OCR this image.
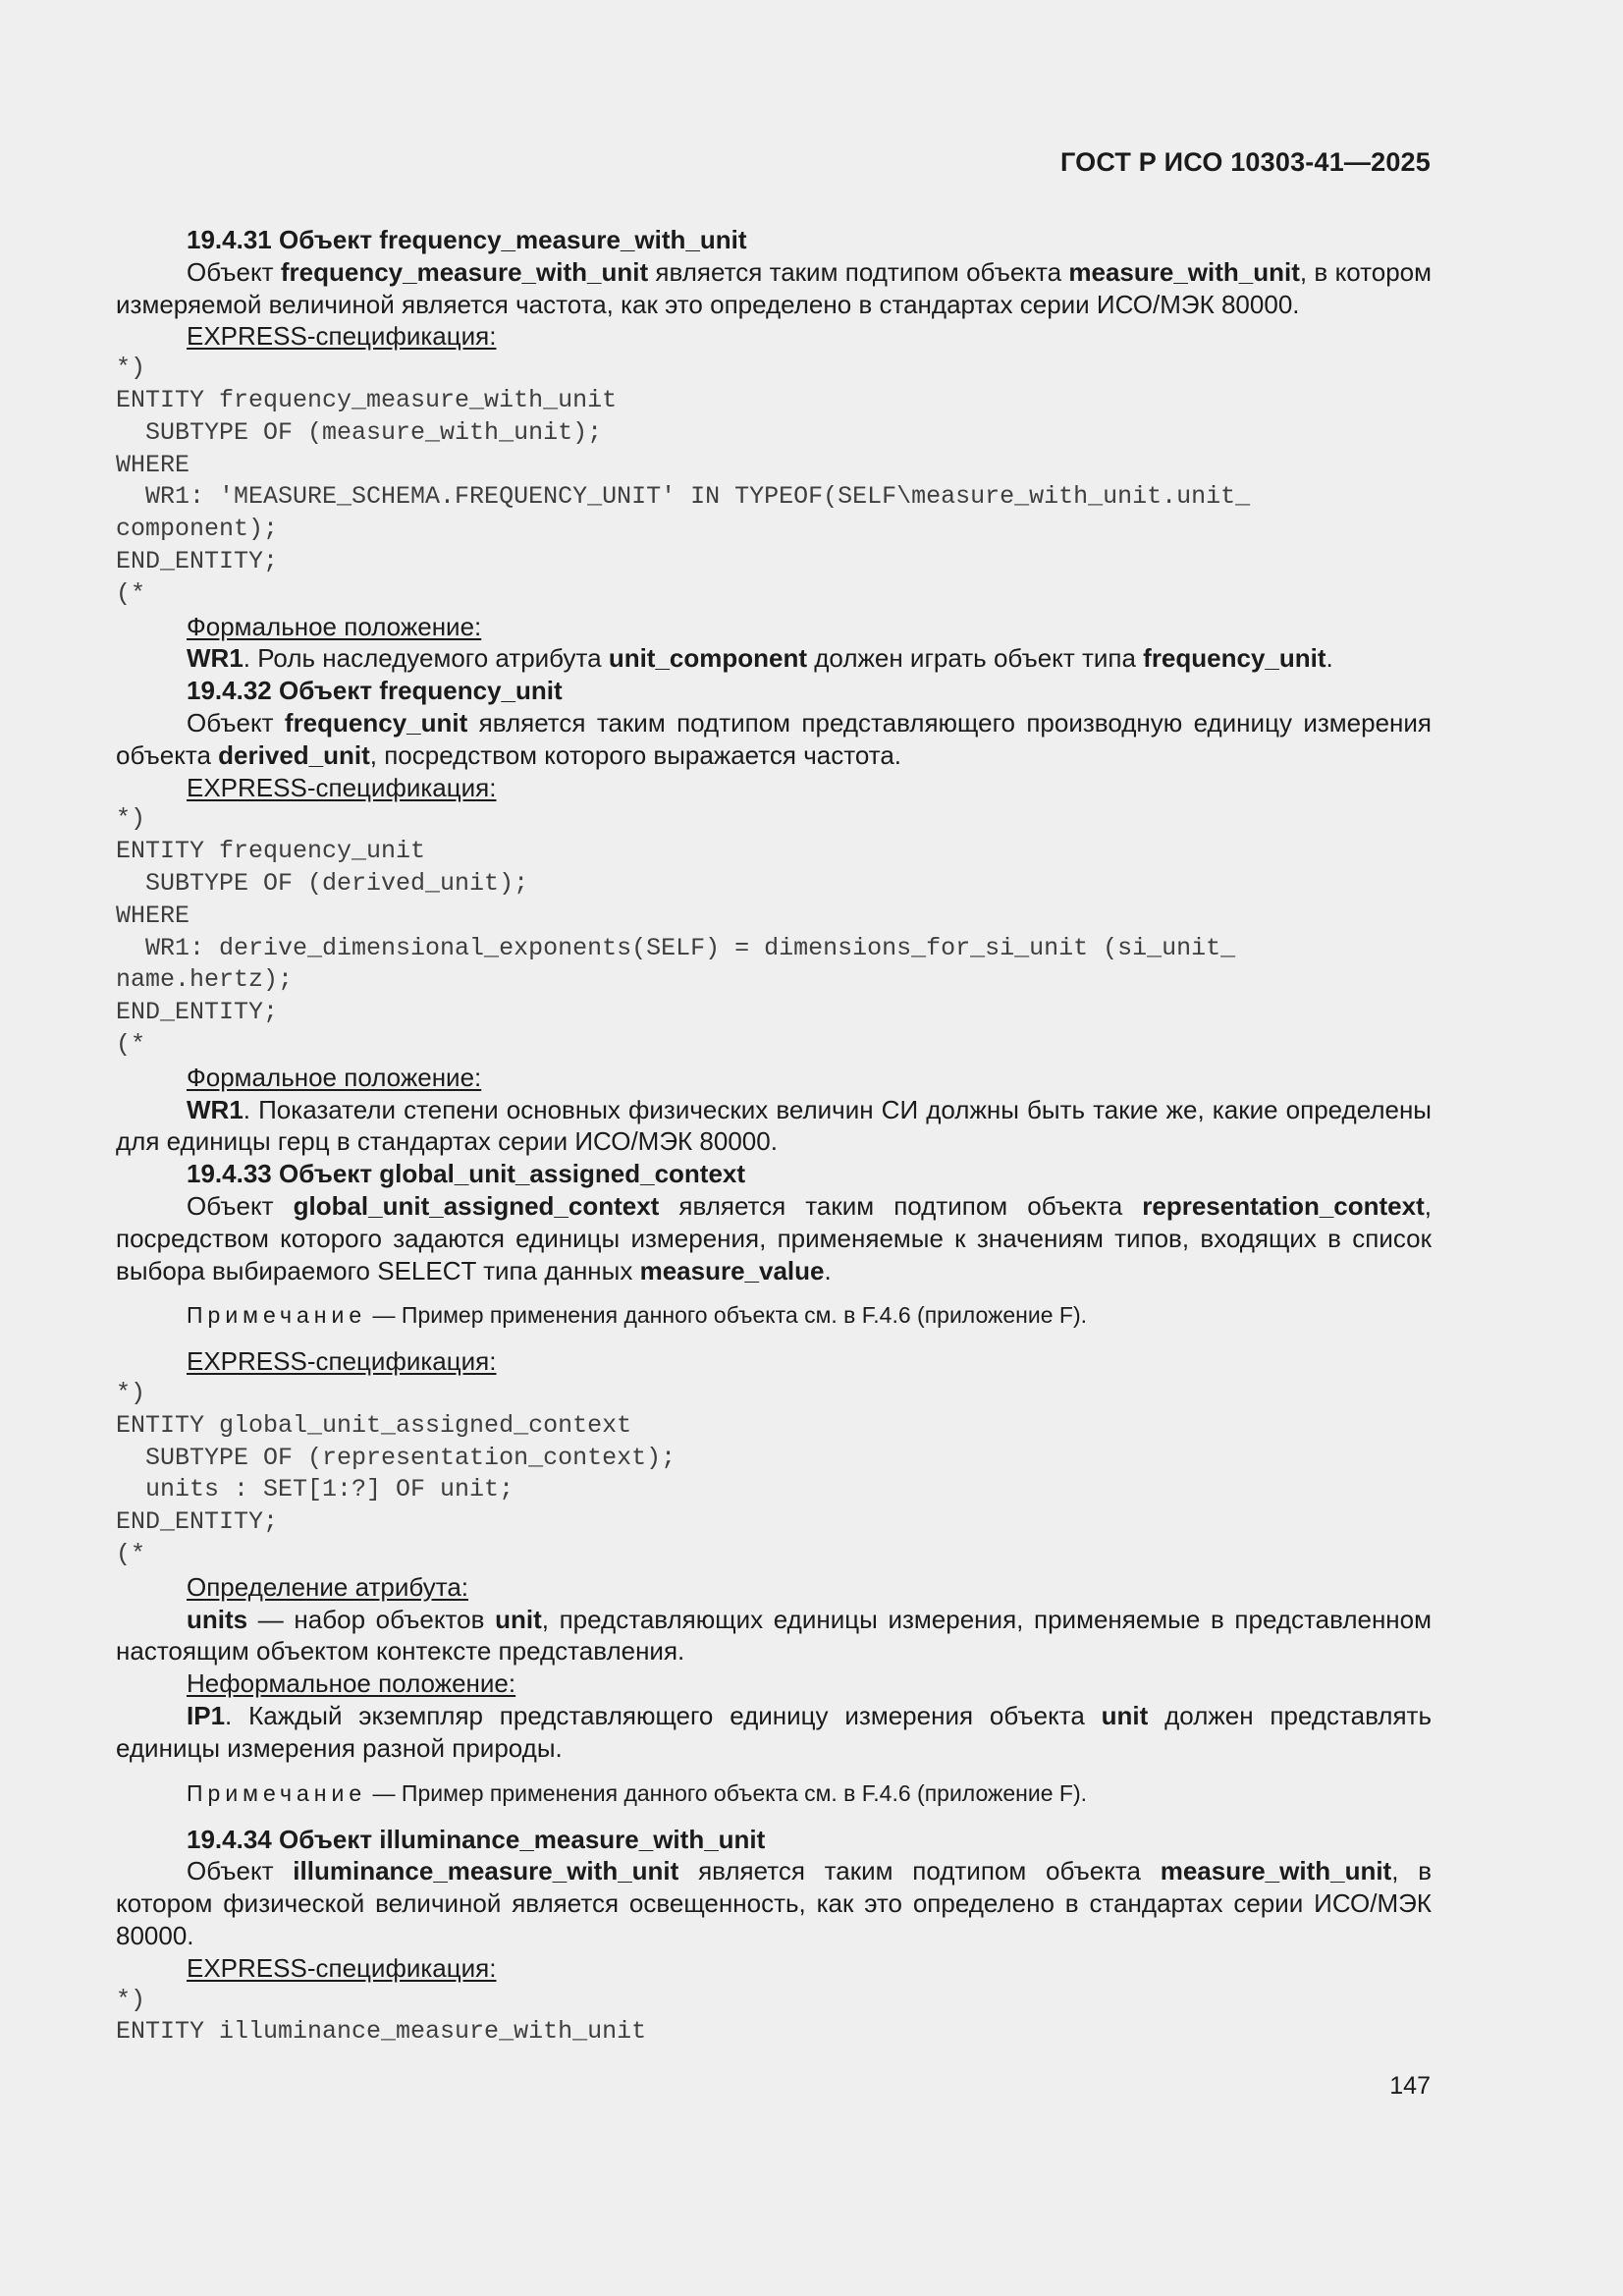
ГОСТ Р ИСО 10303-41—2025

19.4.31 Объект frequency_measure_with_unit

Объект frequency_measure_with_unit является таким подтипом объекта measure_with_unit, в котором измеряемой величиной является частота, как это определено в стандартах серии ИСО/МЭК 80000.

EXPRESS-спецификация:

*)
ENTITY frequency_measure_with_unit
SUBTYPE OF (measure_with_unit);
WHERE
WR1: 'MEASURE_SCHEMA.FREQUENCY_UNIT' IN TYPEOF(SELF\measure_with_unit.unit_
component);
END_ENTITY;
(*

Формальное положение:

WR1. Роль наследуемого атрибута unit_component должен играть объект типа frequency_unit.

19.4.32 Объект frequency_unit

Объект frequency_unit является таким подтипом представляющего производную единицу измерения объекта derived_unit, посредством которого выражается частота.

EXPRESS-спецификация:

*)
ENTITY frequency_unit
SUBTYPE OF (derived_unit);
WHERE
WR1: derive_dimensional_exponents(SELF) = dimensions_for_si_unit (si_unit_
name.hertz);
END_ENTITY;
(*

Формальное положение:

WR1. Показатели степени основных физических величин СИ должны быть такие же, какие определены для единицы герц в стандартах серии ИСО/МЭК 80000.

19.4.33 Объект global_unit_assigned_context

Объект global_unit_assigned_context является таким подтипом объекта representation_context, посредством которого задаются единицы измерения, применяемые к значениям типов, входящих в список выбора выбираемого SELECT типа данных measure_value.

Примечание — Пример применения данного объекта см. в F.4.6 (приложение F).

EXPRESS-спецификация:

*)
ENTITY global_unit_assigned_context
SUBTYPE OF (representation_context);
units : SET[1:?] OF unit;
END_ENTITY;
(*

Определение атрибута:

units — набор объектов unit, представляющих единицы измерения, применяемые в представленном настоящим объектом контексте представления.

Неформальное положение:

IP1. Каждый экземпляр представляющего единицу измерения объекта unit должен представлять единицы измерения разной природы.

Примечание — Пример применения данного объекта см. в F.4.6 (приложение F).

19.4.34 Объект illuminance_measure_with_unit

Объект illuminance_measure_with_unit является таким подтипом объекта measure_with_unit, в котором физической величиной является освещенность, как это определено в стандартах серии ИСО/МЭК 80000.

EXPRESS-спецификация:

*)
ENTITY illuminance_measure_with_unit
147
